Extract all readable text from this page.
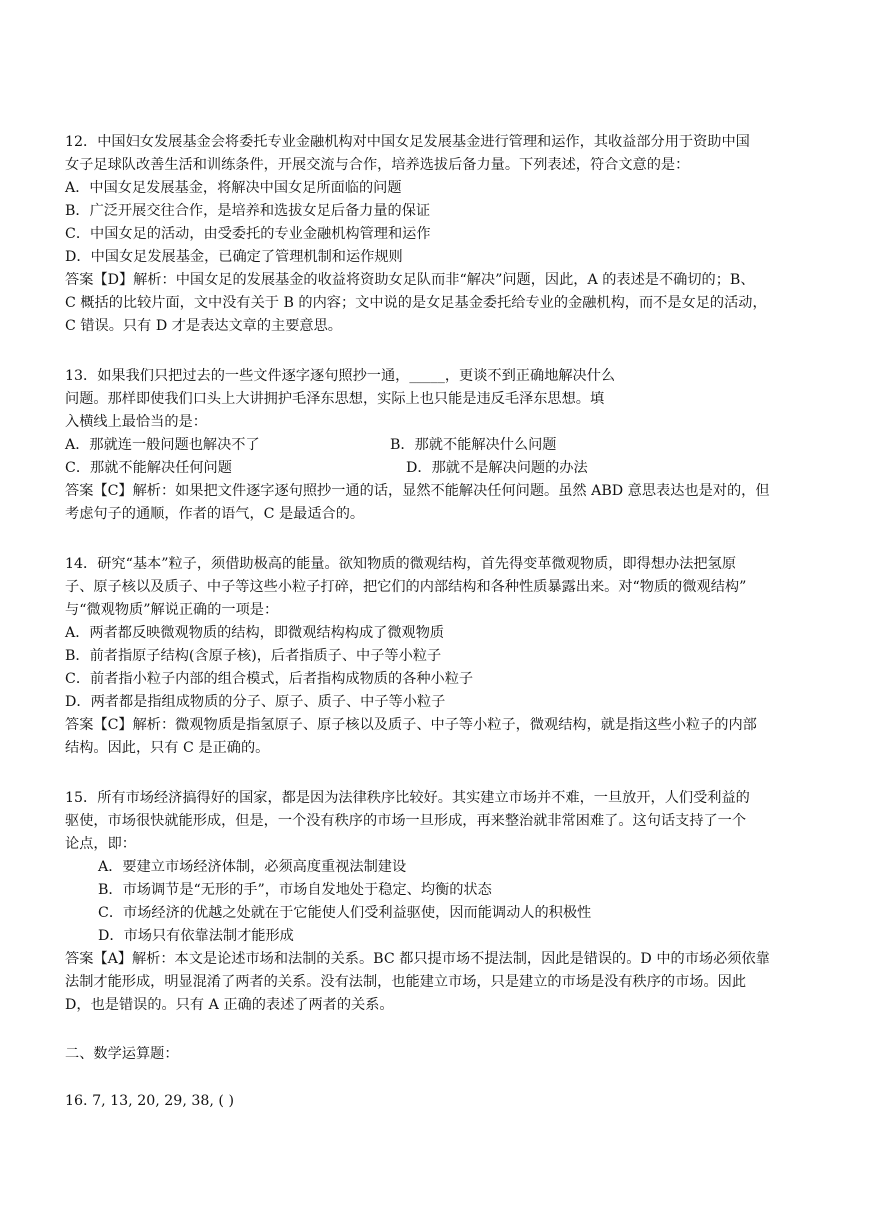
12．中国妇女发展基金会将委托专业金融机构对中国女足发展基金进行管理和运作，其收益部分用于资助中国
女子足球队改善生活和训练条件，开展交流与合作，培养选拔后备力量。下列表述，符合文意的是：
A．中国女足发展基金，将解决中国女足所面临的问题
B．广泛开展交往合作，是培养和选拔女足后备力量的保证
C．中国女足的活动，由受委托的专业金融机构管理和运作
D．中国女足发展基金，已确定了管理机制和运作规则
答案【D】解析：中国女足的发展基金的收益将资助女足队而非“解决”问题，因此，A 的表述是不确切的；B、
C 概括的比较片面，文中没有关于 B 的内容；文中说的是女足基金委托给专业的金融机构，而不是女足的活动，
C 错误。只有 D 才是表达文章的主要意思。
13．如果我们只把过去的一些文件逐字逐句照抄一通，_____，更谈不到正确地解决什么
问题。那样即使我们口头上大讲拥护毛泽东思想，实际上也只能是违反毛泽东思想。填
入横线上最恰当的是：
A．那就连一般问题也解决不了	B．那就不能解决什么问题
C．那就不能解决任何问题	D．那就不是解决问题的办法
答案【C】解析：如果把文件逐字逐句照抄一通的话，显然不能解决任何问题。虽然 ABD 意思表达也是对的，但
考虑句子的通顺，作者的语气，C 是最适合的。
14．研究“基本”粒子，须借助极高的能量。欲知物质的微观结构，首先得变革微观物质，即得想办法把氢原
子、原子核以及质子、中子等这些小粒子打碎，把它们的内部结构和各种性质暴露出来。对“物质的微观结构”
与“微观物质”解说正确的一项是：
A．两者都反映微观物质的结构，即微观结构构成了微观物质
B．前者指原子结构(含原子核)，后者指质子、中子等小粒子
C．前者指小粒子内部的组合模式，后者指构成物质的各种小粒子
D．两者都是指组成物质的分子、原子、质子、中子等小粒子
答案【C】解析：微观物质是指氢原子、原子核以及质子、中子等小粒子，微观结构，就是指这些小粒子的内部
结构。因此，只有 C 是正确的。
15．所有市场经济搞得好的国家，都是因为法律秩序比较好。其实建立市场并不难，一旦放开，人们受利益的
驱使，市场很快就能形成，但是，一个没有秩序的市场一旦形成，再来整治就非常困难了。这句话支持了一个
论点，即：
A．要建立市场经济体制，必须高度重视法制建设
B．市场调节是“无形的手”，市场自发地处于稳定、均衡的状态
C．市场经济的优越之处就在于它能使人们受利益驱使，因而能调动人的积极性
D．市场只有依靠法制才能形成
答案【A】解析：本文是论述市场和法制的关系。BC 都只提市场不提法制，因此是错误的。D 中的市场必须依靠
法制才能形成，明显混淆了两者的关系。没有法制，也能建立市场，只是建立的市场是没有秩序的市场。因此
D，也是错误的。只有 A 正确的表述了两者的关系。
二、数学运算题：
16. 7, 13, 20, 29, 38, ( )
